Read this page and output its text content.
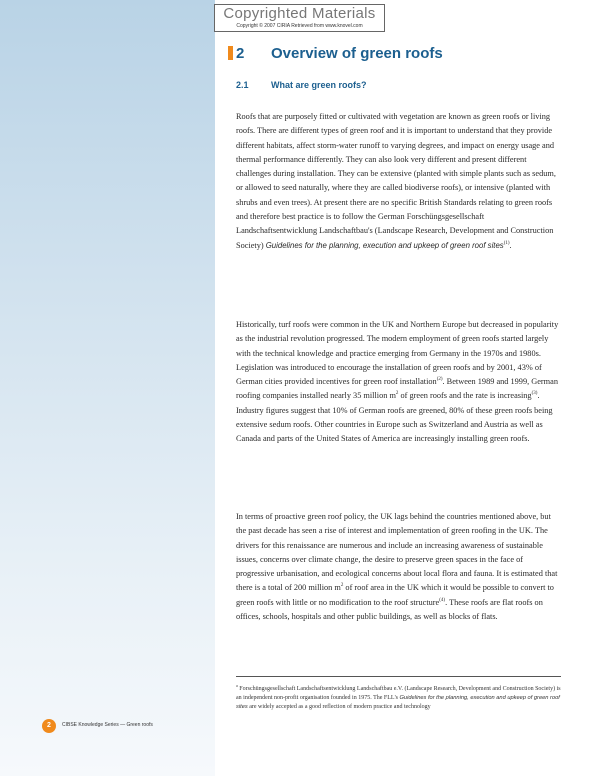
Copyrighted Materials
Copyright © 2007 CIRIA Retrieved from www.knovel.com
2 Overview of green roofs
2.1 What are green roofs?
Roofs that are purposely fitted or cultivated with vegetation are known as green roofs or living roofs. There are different types of green roof and it is important to understand that they provide different habitats, affect storm-water runoff to varying degrees, and impact on energy usage and thermal performance differently. They can also look very different and present different challenges during installation. They can be extensive (planted with simple plants such as sedum, or allowed to seed naturally, where they are called biodiverse roofs), or intensive (planted with shrubs and even trees). At present there are no specific British Standards relating to green roofs and therefore best practice is to follow the German Forschüngsgesellschaft Landschaftsentwicklung Landschaftbau's (Landscape Research, Development and Construction Society) Guidelines for the planning, execution and upkeep of green roof sites$^{(1)}$.
Historically, turf roofs were common in the UK and Northern Europe but decreased in popularity as the industrial revolution progressed. The modern employment of green roofs started largely with the technical knowledge and practice emerging from Germany in the 1970s and 1980s. Legislation was introduced to encourage the installation of green roofs and by 2001, 43% of German cities provided incentives for green roof installation$^{(2)}$. Between 1989 and 1999, German roofing companies installed nearly 35 million $m^2$ of green roofs and the rate is increasing$^{(3)}$. Industry figures suggest that 10% of German roofs are greened, 80% of these green roofs being extensive sedum roofs. Other countries in Europe such as Switzerland and Austria as well as Canada and parts of the United States of America are increasingly installing green roofs.
In terms of proactive green roof policy, the UK lags behind the countries mentioned above, but the past decade has seen a rise of interest and implementation of green roofing in the UK. The drivers for this renaissance are numerous and include an increasing awareness of sustainable issues, concerns over climate change, the desire to preserve green spaces in the face of progressive urbanisation, and ecological concerns about local flora and fauna. It is estimated that there is a total of 200 million $m^2$ of roof area in the UK which it would be possible to convert to green roofs with little or no modification to the roof structure$^{(4)}$. These roofs are flat roofs on offices, schools, hospitals and other public buildings, as well as blocks of flats.
$^a$ Forschüngsgesellschaft Landschaftsentwicklung Landschaftbau e.V. (Landscape Research, Development and Construction Society) is an independent non-profit organisation founded in 1975. The FLL's Guidelines for the planning, execution and upkeep of green roof sites are widely accepted as a good reflection of modern practice and technology
2	CIBSE Knowledge Series — Green roofs
